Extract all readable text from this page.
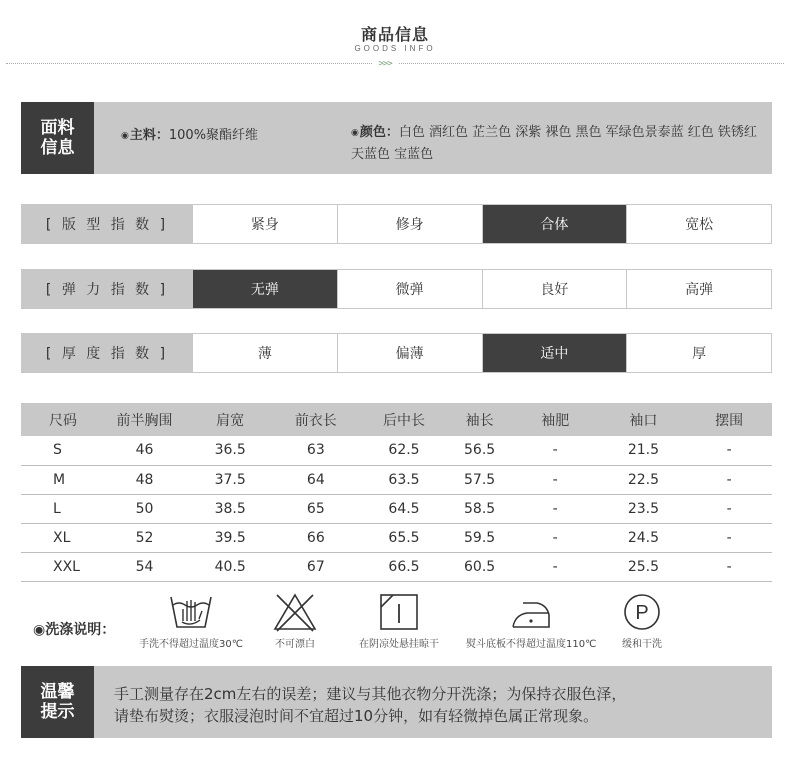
商品信息
GOODS INFO
>>>
面料
信息
◉主料：100%聚酯纤维	◉颜色：白色 酒红色 芷兰色 深紫 裸色 黑色 军绿色景泰蓝 红色 铁锈红 天蓝色 宝蓝色
[ 版 型 指 数 ]	紧身	修身	合体	宽松
[ 弹 力 指 数 ]	无弹	微弹	良好	高弹
[ 厚 度 指 数 ]	薄	偏薄	适中	厚
尺码	前半胸围	肩宽	前衣长	后中长	袖长	袖肥	袖口	摆围
S	46	36.5	63	62.5	56.5	-	21.5	-
M	48	37.5	64	63.5	57.5	-	22.5	-
L	50	38.5	65	64.5	58.5	-	23.5	-
XL	52	39.5	66	65.5	59.5	-	24.5	-
XXL	54	40.5	67	66.5	60.5	-	25.5	-
◉洗涤说明：
手洗不得超过温度30℃	不可漂白	在阴凉处悬挂晾干	熨斗底板不得超过温度110℃
P
缓和干洗
温馨
提示
手工测量存在2cm左右的误差；建议与其他衣物分开洗涤；为保持衣服色泽，
请垫布熨烫；衣服浸泡时间不宜超过10分钟，如有轻微掉色属正常现象。
